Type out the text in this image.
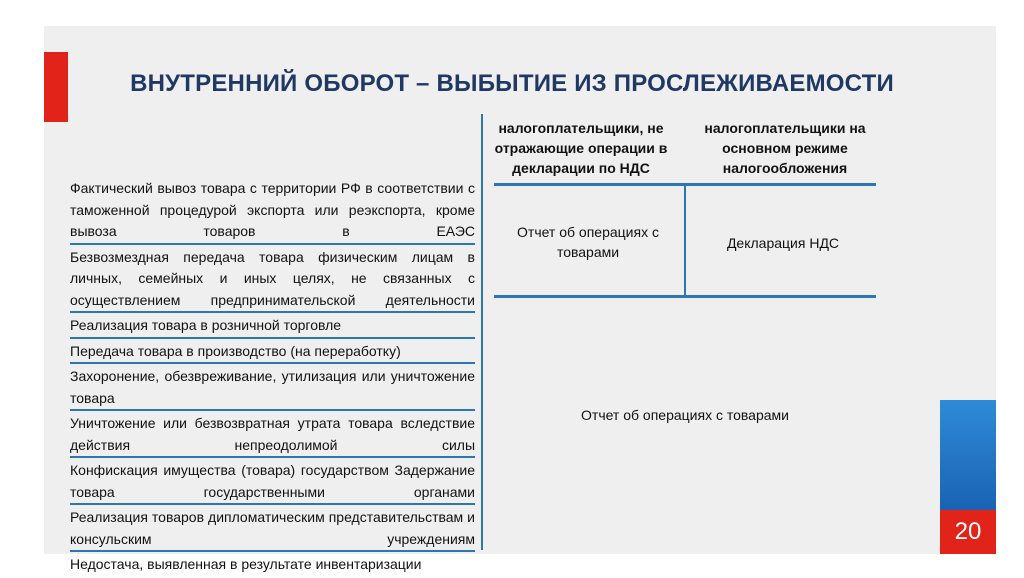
ВНУТРЕННИЙ ОБОРОТ – ВЫБЫТИЕ ИЗ ПРОСЛЕЖИВАЕМОСТИ
Фактический вывоз товара с территории РФ в соответствии с таможенной процедурой экспорта или реэкспорта, кроме вывоза товаров в ЕАЭС
Безвозмездная передача товара физическим лицам в личных, семейных и иных целях, не связанных с осуществлением предпринимательской деятельности
Реализация товара в розничной торговле
Передача товара в производство (на переработку)
Захоронение, обезвреживание, утилизация или уничтожение товара
Уничтожение или безвозвратная утрата товара вследствие действия непреодолимой силы
Конфискация имущества (товара) государством Задержание товара государственными органами
Реализация товаров дипломатическим представительствам и консульским учреждениям
Недостача, выявленная в результате инвентаризации
налогоплательщики, не отражающие операции в декларации по НДС
налогоплательщики на основном режиме налогообложения
Отчет об операциях с товарами
Декларация НДС
Отчет об операциях с товарами
20
